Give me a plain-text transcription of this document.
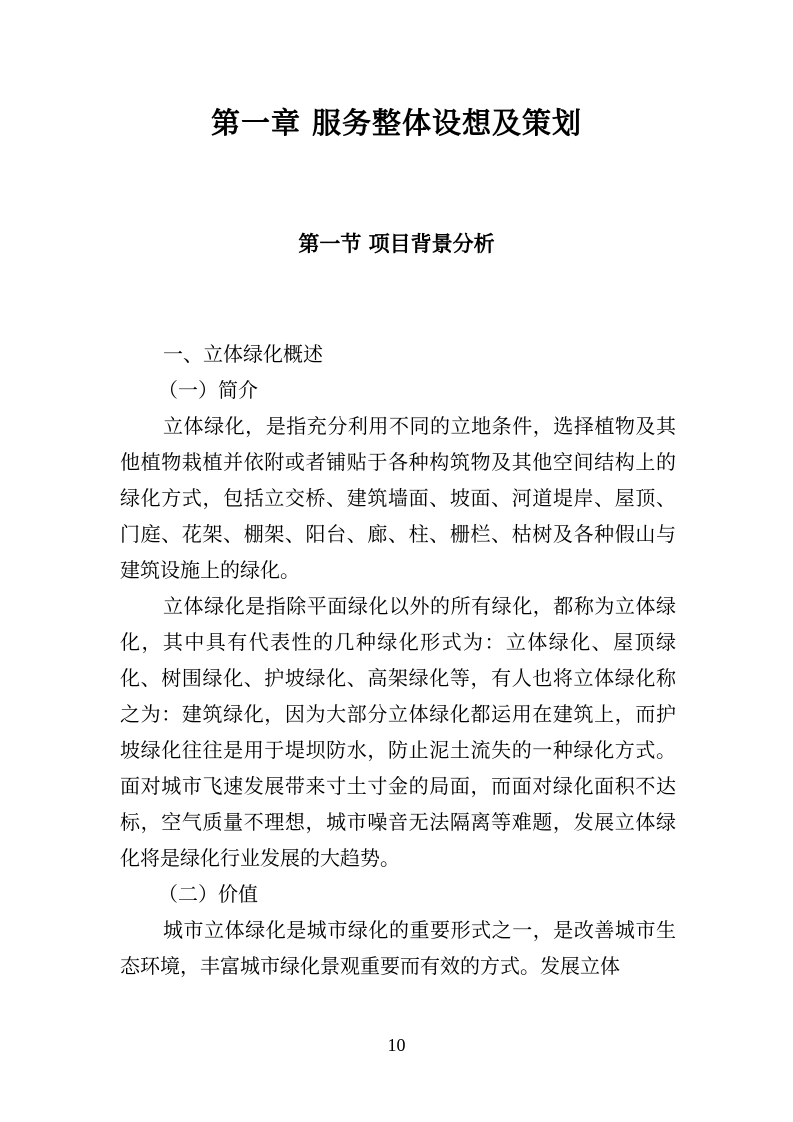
第一章 服务整体设想及策划
第一节 项目背景分析

一、立体绿化概述

（一）简介

立体绿化，是指充分利用不同的立地条件，选择植物及其他植物栽植并依附或者铺贴于各种构筑物及其他空间结构上的绿化方式，包括立交桥、建筑墙面、坡面、河道堤岸、屋顶、门庭、花架、棚架、阳台、廊、柱、栅栏、枯树及各种假山与建筑设施上的绿化。

立体绿化是指除平面绿化以外的所有绿化，都称为立体绿化，其中具有代表性的几种绿化形式为：立体绿化、屋顶绿化、树围绿化、护坡绿化、高架绿化等，有人也将立体绿化称之为：建筑绿化，因为大部分立体绿化都运用在建筑上，而护坡绿化往往是用于堤坝防水，防止泥土流失的一种绿化方式。面对城市飞速发展带来寸土寸金的局面，而面对绿化面积不达标，空气质量不理想，城市噪音无法隔离等难题，发展立体绿化将是绿化行业发展的大趋势。

（二）价值

城市立体绿化是城市绿化的重要形式之一，是改善城市生态环境，丰富城市绿化景观重要而有效的方式。发展立体

10
